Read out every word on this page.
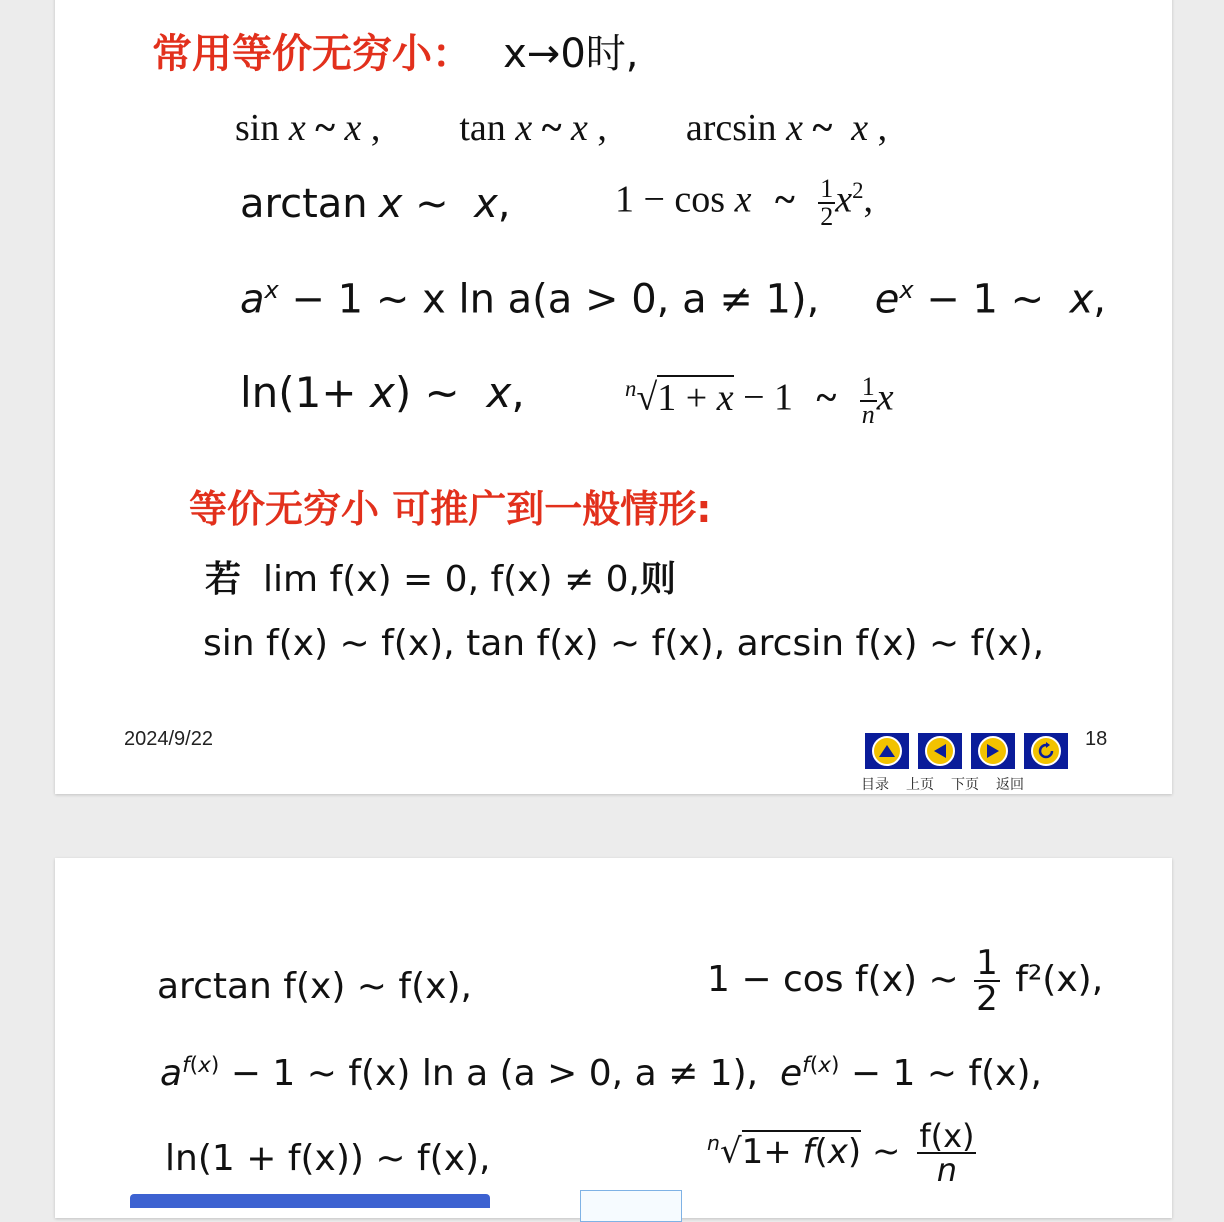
常用等价无穷小： x→0时,
sin x ~ x ,  tan x ~ x ,  arcsin x ~ x ,
arctan x ~  x,	1 − cos x ~ $\frac{1}{2} x^2$,
$a^x - 1$ ~ x ln a(a > 0, a ≠ 1), $e^x - 1$ ~  x,
ln(1+ x) ~  x,	$^n$√1 + x − 1 ~ $\frac{1}{n}$ x
等价无穷小 可推广到一般情形:
若 lim f(x) = 0, f(x) ≠ 0,则
sin f(x) ~ f(x), tan f(x) ~ f(x), arcsin f(x) ~ f(x),
2024/9/22	18
目录 上页 下页 返回
arctan f(x) ~ f(x),	1 − cos f(x) ~ $\frac{1}{2} f^2(x)$,
$a^{f(x)} - 1$ ~ f(x) ln a (a > 0, a ≠ 1), $e^{f(x)} - 1$ ~ f(x),
ln(1 + f(x)) ~ f(x),	$^n$√1+ f(x) ~ $\frac{f(x)}{n}$
